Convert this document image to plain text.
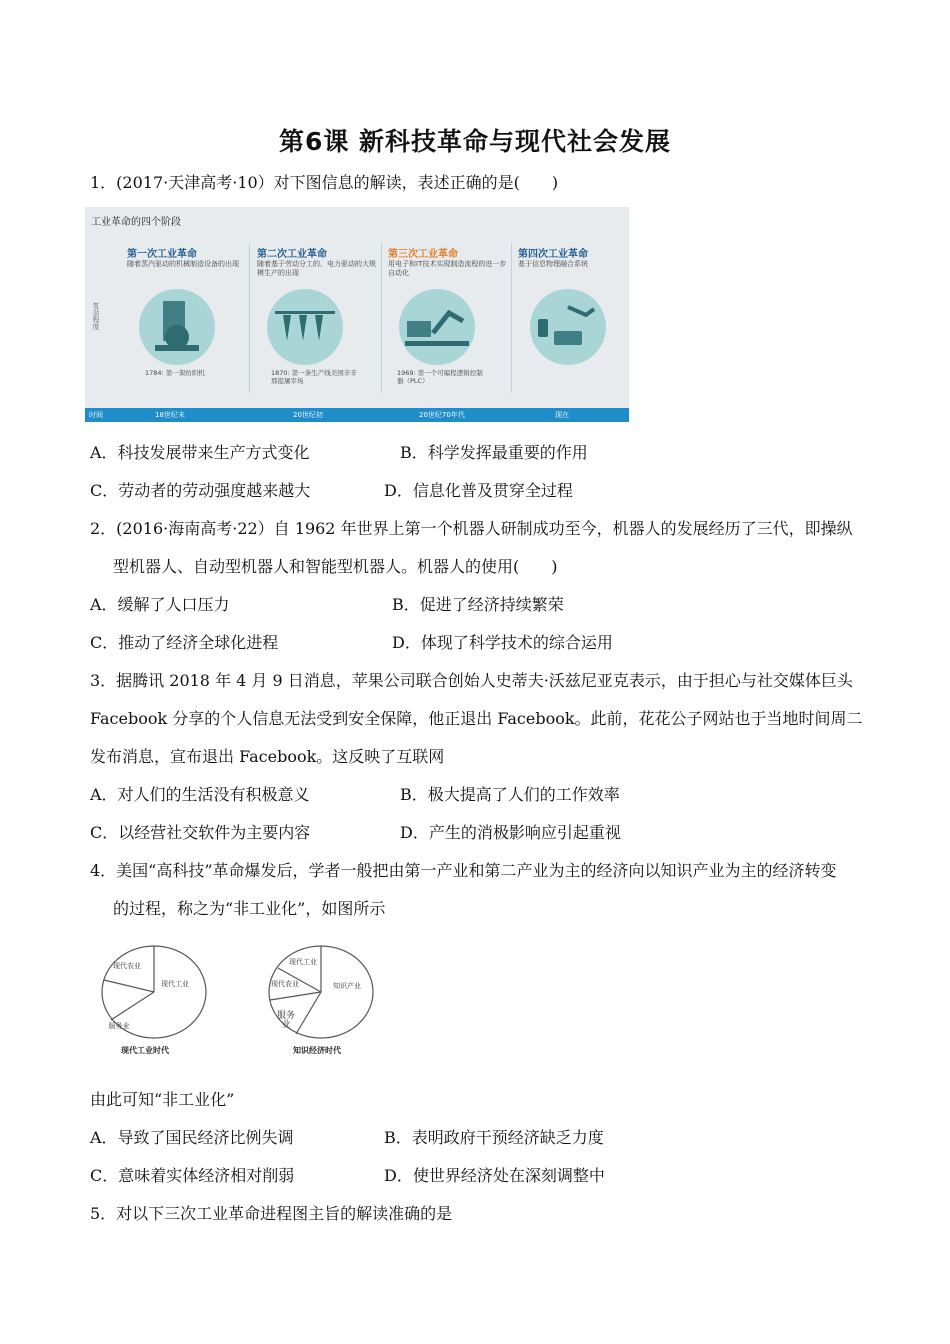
第6课 新科技革命与现代社会发展
1．(2017·天津高考·10）对下图信息的解读，表述正确的是(　　)
工业革命的四个阶段
复杂程度
第一次工业革命
随着蒸汽驱动的机械制造设备的出现
1784: 第一架纺织机
第二次工业革命
随着基于劳动分工的、电力驱动的大规模生产的出现
1870: 第一条生产线美国辛辛那提屠宰场
第三次工业革命
用电子和IT技术实现制造流程的进一步自动化
1969: 第一个可编程逻辑控制器（PLC）
第四次工业革命
基于信息物理融合系统
时间	18世纪末	20世纪初	20世纪70年代	现在
A．科技发展带来生产方式变化	B．科学发挥最重要的作用
C．劳动者的劳动强度越来越大	D．信息化普及贯穿全过程
2．(2016·海南高考·22）自 1962 年世界上第一个机器人研制成功至今，机器人的发展经历了三代，即操纵
型机器人、自动型机器人和智能型机器人。机器人的使用(　　)
A．缓解了人口压力	B．促进了经济持续繁荣
C．推动了经济全球化进程	D．体现了科学技术的综合运用
3．据腾讯 2018 年 4 月 9 日消息，苹果公司联合创始人史蒂夫·沃兹尼亚克表示，由于担心与社交媒体巨头
Facebook 分享的个人信息无法受到安全保障，他正退出 Facebook。此前，花花公子网站也于当地时间周二
发布消息，宣布退出 Facebook。这反映了互联网
A．对人们的生活没有积极意义	B．极大提高了人们的工作效率
C．以经营社交软件为主要内容	D．产生的消极影响应引起重视
4．美国“高科技”革命爆发后，学者一般把由第一产业和第二产业为主的经济向以知识产业为主的经济转变
的过程，称之为“非工业化”，如图所示
现代农业
服务业
现代工业
现代工业时代
现代工业
现代农业
服务业
知识产业
知识经济时代
由此可知“非工业化”
A．导致了国民经济比例失调	B．表明政府干预经济缺乏力度
C．意味着实体经济相对削弱	D．使世界经济处在深刻调整中
5．对以下三次工业革命进程图主旨的解读准确的是
